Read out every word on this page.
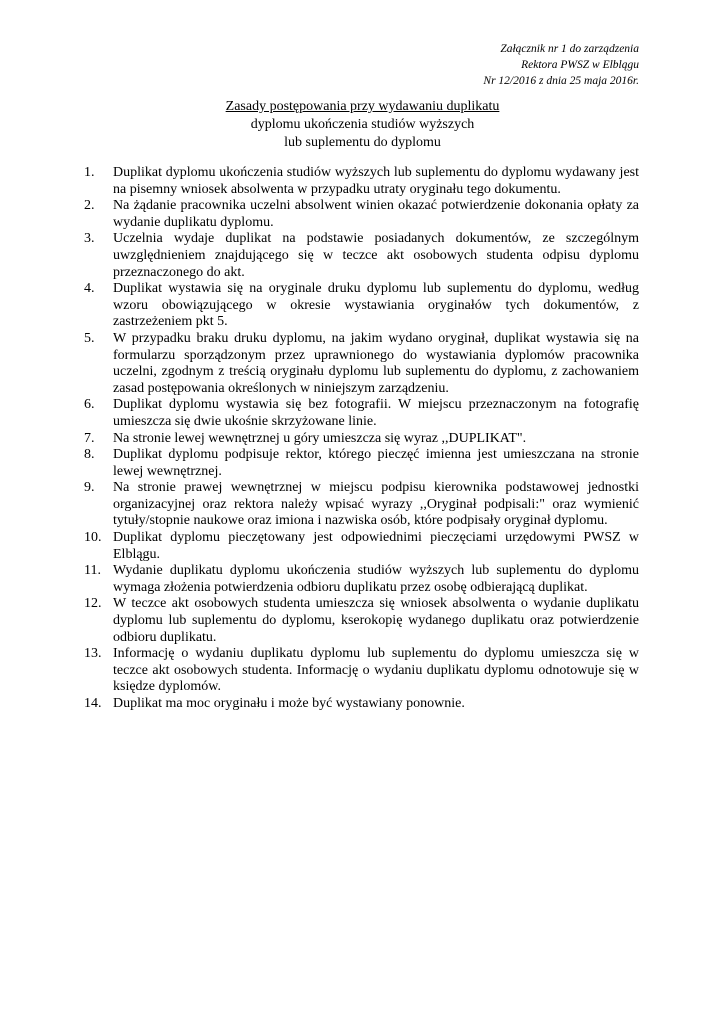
Załącznik nr 1 do zarządzenia
Rektora PWSZ w Elblągu
Nr 12/2016 z dnia 25 maja 2016r.
Zasady postępowania przy wydawaniu duplikatu
dyplomu ukończenia studiów wyższych
lub suplementu do dyplomu
1.	Duplikat dyplomu ukończenia studiów wyższych lub suplementu do dyplomu wydawany jest na pisemny wniosek absolwenta w przypadku utraty oryginału tego dokumentu.
2.	Na żądanie pracownika uczelni absolwent winien okazać potwierdzenie dokonania opłaty za wydanie duplikatu dyplomu.
3.	Uczelnia wydaje duplikat na podstawie posiadanych dokumentów, ze szczególnym uwzględnieniem znajdującego się w teczce akt osobowych studenta odpisu dyplomu przeznaczonego do akt.
4.	Duplikat wystawia się na oryginale druku dyplomu lub suplementu do dyplomu, według wzoru obowiązującego w okresie wystawiania oryginałów tych dokumentów, z zastrzeżeniem pkt 5.
5.	W przypadku braku druku dyplomu, na jakim wydano oryginał, duplikat wystawia się na formularzu sporządzonym przez uprawnionego do wystawiania dyplomów pracownika uczelni, zgodnym z treścią oryginału dyplomu lub suplementu do dyplomu, z zachowaniem zasad postępowania określonych w niniejszym zarządzeniu.
6.	Duplikat dyplomu wystawia się bez fotografii. W miejscu przeznaczonym na fotografię umieszcza się dwie ukośnie skrzyżowane linie.
7.	Na stronie lewej wewnętrznej u góry umieszcza się wyraz ,,DUPLIKAT".
8.	Duplikat dyplomu podpisuje rektor, którego pieczęć imienna jest umieszczana na stronie lewej wewnętrznej.
9.	Na stronie prawej wewnętrznej w miejscu podpisu kierownika podstawowej jednostki organizacyjnej oraz rektora należy wpisać wyrazy ,,Oryginał podpisali:" oraz wymienić tytuły/stopnie naukowe oraz imiona i nazwiska osób, które podpisały oryginał dyplomu.
10. Duplikat dyplomu pieczętowany jest odpowiednimi pieczęciami urzędowymi PWSZ w Elblągu.
11. Wydanie duplikatu dyplomu ukończenia studiów wyższych lub suplementu do dyplomu wymaga złożenia potwierdzenia odbioru duplikatu przez osobę odbierającą duplikat.
12. W teczce akt osobowych studenta umieszcza się wniosek absolwenta o wydanie duplikatu dyplomu lub suplementu do dyplomu, kserokopię wydanego duplikatu oraz potwierdzenie odbioru duplikatu.
13. Informację o wydaniu duplikatu dyplomu lub suplementu do dyplomu umieszcza się w teczce akt osobowych studenta. Informację o wydaniu duplikatu dyplomu odnotowuje się w księdze dyplomów.
14. Duplikat ma moc oryginału i może być wystawiany ponownie.
